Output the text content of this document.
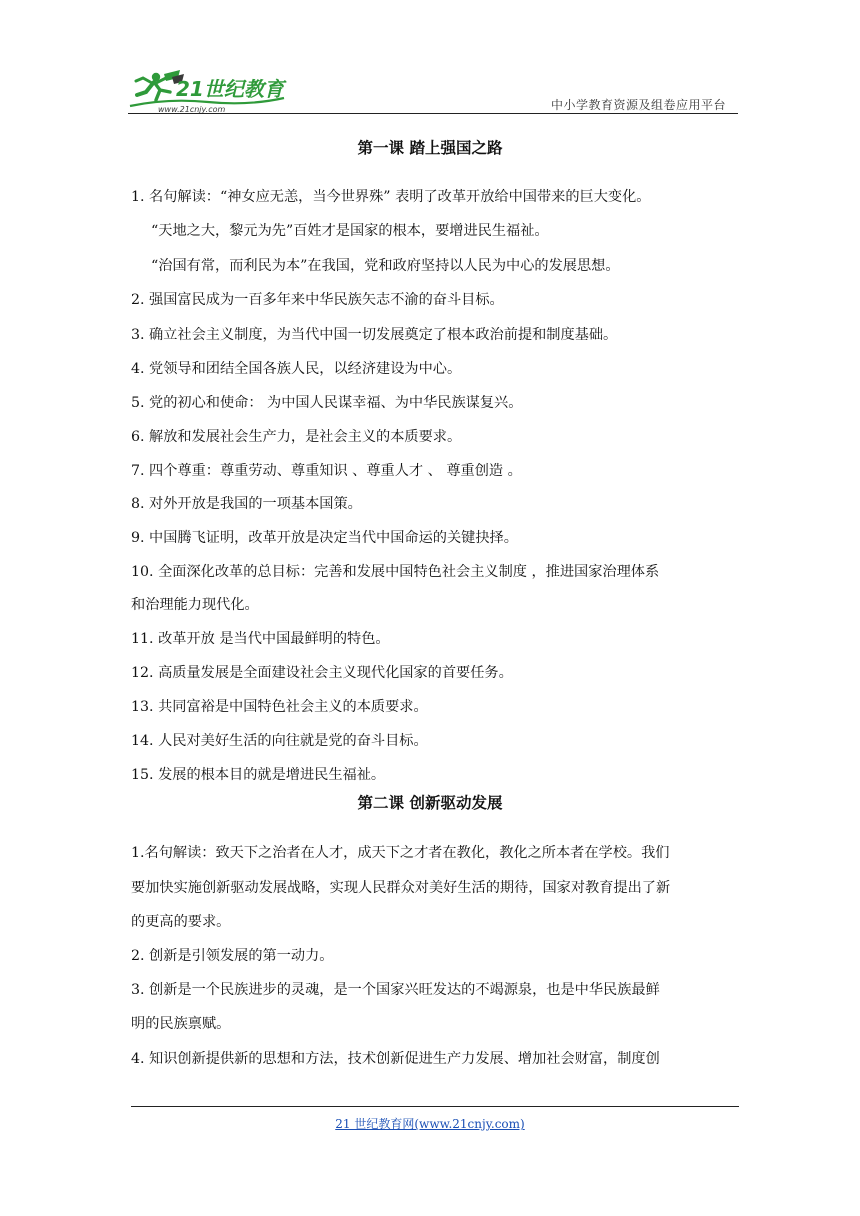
21世纪教育
www.21cnjy.com	中小学教育资源及组卷应用平台
第一课 踏上强国之路
1. 名句解读：“神女应无恙，当今世界殊” 表明了改革开放给中国带来的巨大变化。
“天地之大，黎元为先”百姓才是国家的根本，要增进民生福祉。
“治国有常，而利民为本”在我国，党和政府坚持以人民为中心的发展思想。
2. 强国富民成为一百多年来中华民族矢志不渝的奋斗目标。
3. 确立社会主义制度，为当代中国一切发展奠定了根本政治前提和制度基础。
4. 党领导和团结全国各族人民，以经济建设为中心。
5. 党的初心和使命： 为中国人民谋幸福、为中华民族谋复兴。
6. 解放和发展社会生产力，是社会主义的本质要求。
7. 四个尊重：尊重劳动、尊重知识 、尊重人才 、 尊重创造 。
8. 对外开放是我国的一项基本国策。
9. 中国腾飞证明，改革开放是决定当代中国命运的关键抉择。
10. 全面深化改革的总目标：完善和发展中国特色社会主义制度 ，推进国家治理体系
和治理能力现代化。
11. 改革开放 是当代中国最鲜明的特色。
12. 高质量发展是全面建设社会主义现代化国家的首要任务。
13. 共同富裕是中国特色社会主义的本质要求。
14. 人民对美好生活的向往就是党的奋斗目标。
15. 发展的根本目的就是增进民生福祉。
第二课 创新驱动发展
1.名句解读：致天下之治者在人才，成天下之才者在教化，教化之所本者在学校。我们
要加快实施创新驱动发展战略，实现人民群众对美好生活的期待，国家对教育提出了新
的更高的要求。
2. 创新是引领发展的第一动力。
3. 创新是一个民族进步的灵魂，是一个国家兴旺发达的不竭源泉，也是中华民族最鲜
明的民族禀赋。
4. 知识创新提供新的思想和方法，技术创新促进生产力发展、增加社会财富，制度创
21 世纪教育网(www.21cnjy.com)
